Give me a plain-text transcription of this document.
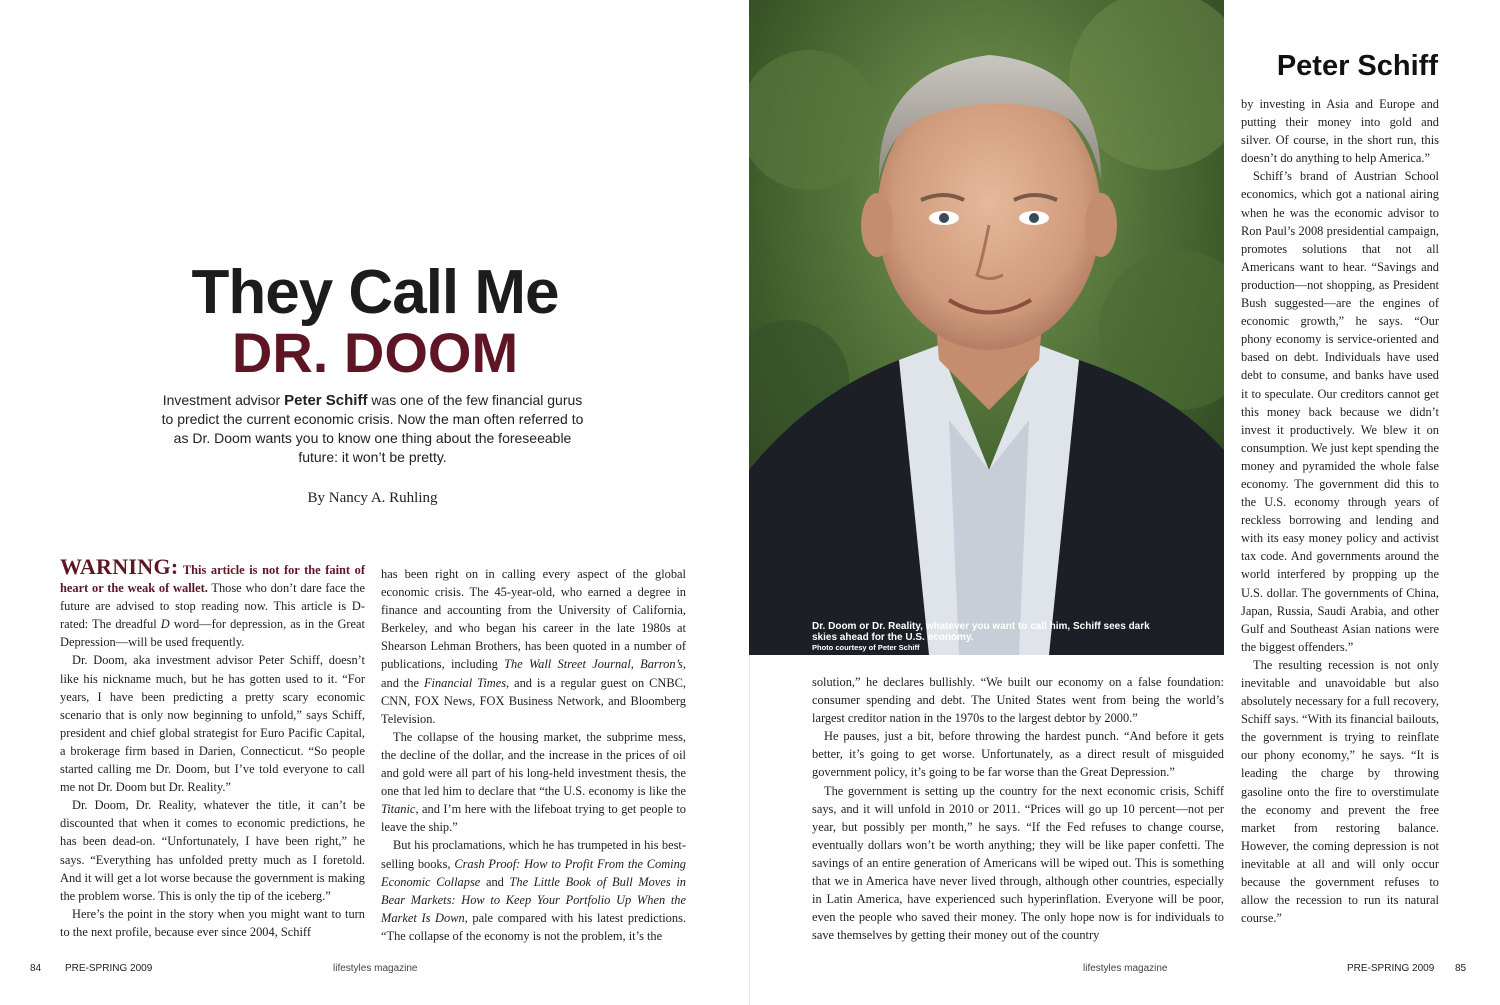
They Call Me
DR. DOOM
Investment advisor Peter Schiff was one of the few financial gurus to predict the current economic crisis. Now the man often referred to as Dr. Doom wants you to know one thing about the foreseeable future: it won’t be pretty.
By Nancy A. Ruhling

WARNING: This article is not for the faint of heart or the weak of wallet. Those who don’t dare face the future are advised to stop reading now. This article is D-rated: The dreadful D word—for depression, as in the Great Depression—will be used frequently.

Dr. Doom, aka investment advisor Peter Schiff, doesn’t like his nickname much, but he has gotten used to it. “For years, I have been predicting a pretty scary economic scenario that is only now beginning to unfold,” says Schiff, president and chief global strategist for Euro Pacific Capital, a brokerage firm based in Darien, Connecticut. “So people started calling me Dr. Doom, but I’ve told everyone to call me not Dr. Doom but Dr. Reality.”

Dr. Doom, Dr. Reality, whatever the title, it can’t be discounted that when it comes to economic predictions, he has been dead-on. “Unfortunately, I have been right,” he says. “Everything has unfolded pretty much as I foretold. And it will get a lot worse because the government is making the problem worse. This is only the tip of the iceberg.”

Here’s the point in the story when you might want to turn to the next profile, because ever since 2004, Schiff

has been right on in calling every aspect of the global economic crisis. The 45-year-old, who earned a degree in finance and accounting from the University of California, Berkeley, and who began his career in the late 1980s at Shearson Lehman Brothers, has been quoted in a number of publications, including The Wall Street Journal, Barron’s, and the Financial Times, and is a regular guest on CNBC, CNN, FOX News, FOX Business Network, and Bloomberg Television.

The collapse of the housing market, the subprime mess, the decline of the dollar, and the increase in the prices of oil and gold were all part of his long-held investment thesis, the one that led him to declare that “the U.S. economy is like the Titanic, and I’m here with the lifeboat trying to get people to leave the ship.”

But his proclamations, which he has trumpeted in his best-selling books, Crash Proof: How to Profit From the Coming Economic Collapse and The Little Book of Bull Moves in Bear Markets: How to Keep Your Portfolio Up When the Market Is Down, pale compared with his latest predictions. “The collapse of the economy is not the problem, it’s the

Dr. Doom or Dr. Reality, whatever you want to call him, Schiff sees dark skies ahead for the U.S. economy.
Photo courtesy of Peter Schiff
Peter Schiff

solution,” he declares bullishly. “We built our economy on a false foundation: consumer spending and debt. The United States went from being the world’s largest creditor nation in the 1970s to the largest debtor by 2000.”

He pauses, just a bit, before throwing the hardest punch. “And before it gets better, it’s going to get worse. Unfortunately, as a direct result of misguided government policy, it’s going to be far worse than the Great Depression.”

The government is setting up the country for the next economic crisis, Schiff says, and it will unfold in 2010 or 2011. “Prices will go up 10 percent—not per year, but possibly per month,” he says. “If the Fed refuses to change course, eventually dollars won’t be worth anything; they will be like paper confetti. The savings of an entire generation of Americans will be wiped out. This is something that we in America have never lived through, although other countries, especially in Latin America, have experienced such hyperinflation. Everyone will be poor, even the people who saved their money. The only hope now is for individuals to save themselves by getting their money out of the country

by investing in Asia and Europe and putting their money into gold and silver. Of course, in the short run, this doesn’t do anything to help America.”

Schiff’s brand of Austrian School economics, which got a national airing when he was the economic advisor to Ron Paul’s 2008 presidential campaign, promotes solutions that not all Americans want to hear. “Savings and production—not shopping, as President Bush suggested—are the engines of economic growth,” he says. “Our phony economy is service-oriented and based on debt. Individuals have used debt to consume, and banks have used it to speculate. Our creditors cannot get this money back because we didn’t invest it productively. We blew it on consumption. We just kept spending the money and pyramided the whole false economy. The government did this to the U.S. economy through years of reckless borrowing and lending and with its easy money policy and activist tax code. And governments around the world interfered by propping up the U.S. dollar. The governments of China, Japan, Russia, Saudi Arabia, and other Gulf and Southeast Asian nations were the biggest offenders.”

The resulting recession is not only inevitable and unavoidable but also absolutely necessary for a full recovery, Schiff says. “With its financial bailouts, the government is trying to reinflate our phony economy,” he says. “It is leading the charge by throwing gasoline onto the fire to overstimulate the economy and prevent the free market from restoring balance. However, the coming depression is not inevitable at all and will only occur because the government refuses to allow the recession to run its natural course.”

84 PRE-SPRING 2009	lifestyles magazine	lifestyles magazine	PRE-SPRING 2009 85
